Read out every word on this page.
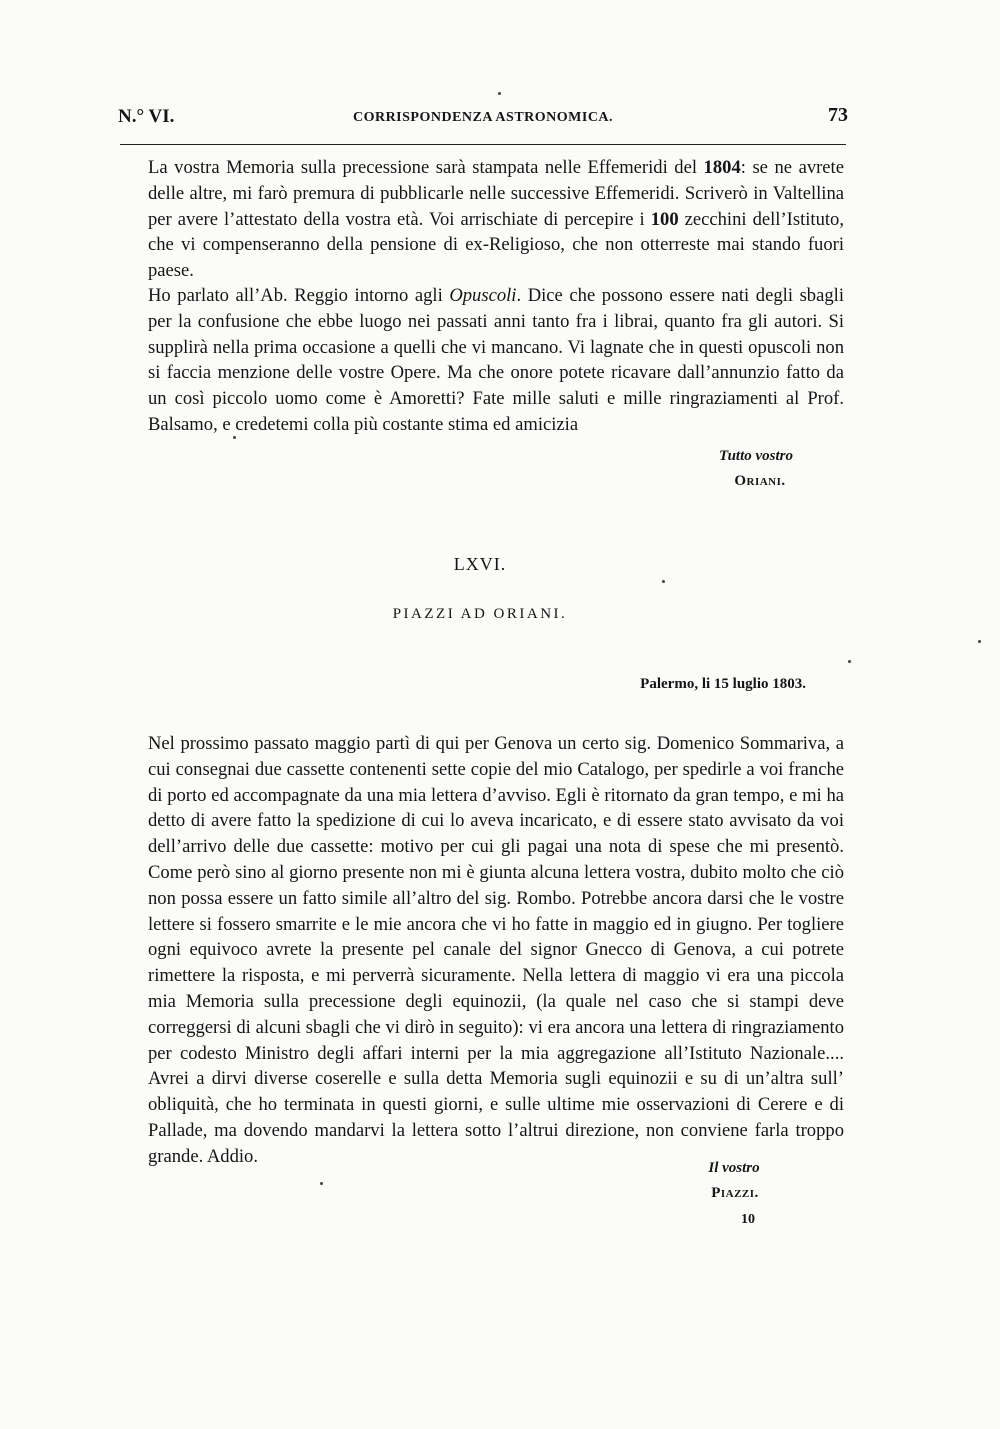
N.° VI.	CORRISPONDENZA ASTRONOMICA.	73

La vostra Memoria sulla precessione sarà stampata nelle Effemeridi del 1804: se ne avrete delle altre, mi farò premura di pubblicarle nelle successive Effemeridi. Scriverò in Valtellina per avere l’attestato della vostra età. Voi arrischiate di percepire i 100 zecchini dell’Istituto, che vi compenseranno della pensione di ex-Religioso, che non otterreste mai stando fuori paese.

Ho parlato all’Ab. Reggio intorno agli Opuscoli. Dice che possono essere nati degli sbagli per la confusione che ebbe luogo nei passati anni tanto fra i librai, quanto fra gli autori. Si supplirà nella prima occasione a quelli che vi mancano. Vi lagnate che in questi opuscoli non si faccia menzione delle vostre Opere. Ma che onore potete ricavare dall’annunzio fatto da un così piccolo uomo come è Amoretti? Fate mille saluti e mille ringraziamenti al Prof. Balsamo, e credetemi colla più costante stima ed amicizia

Tutto vostro
Oriani.
LXVI.
PIAZZI AD ORIANI.
Palermo, li 15 luglio 1803.

Nel prossimo passato maggio partì di qui per Genova un certo sig. Domenico Sommariva, a cui consegnai due cassette contenenti sette copie del mio Catalogo, per spedirle a voi franche di porto ed accompagnate da una mia lettera d’avviso. Egli è ritornato da gran tempo, e mi ha detto di avere fatto la spedizione di cui lo aveva incaricato, e di essere stato avvisato da voi dell’arrivo delle due cassette: motivo per cui gli pagai una nota di spese che mi presentò. Come però sino al giorno presente non mi è giunta alcuna lettera vostra, dubito molto che ciò non possa essere un fatto simile all’altro del sig. Rombo. Potrebbe ancora darsi che le vostre lettere si fossero smarrite e le mie ancora che vi ho fatte in maggio ed in giugno. Per togliere ogni equivoco avrete la presente pel canale del signor Gnecco di Genova, a cui potrete rimettere la risposta, e mi perverrà sicuramente. Nella lettera di maggio vi era una piccola mia Memoria sulla precessione degli equinozii, (la quale nel caso che si stampi deve correggersi di alcuni sbagli che vi dirò in seguito): vi era ancora una lettera di ringraziamento per codesto Ministro degli affari interni per la mia aggregazione all’Istituto Nazionale.... Avrei a dirvi diverse coserelle e sulla detta Memoria sugli equinozii e su di un’altra sull’ obliquità, che ho terminata in questi giorni, e sulle ultime mie osservazioni di Cerere e di Pallade, ma dovendo mandarvi la lettera sotto l’altrui direzione, non conviene farla troppo grande. Addio.

Il vostro
Piazzi.
10
